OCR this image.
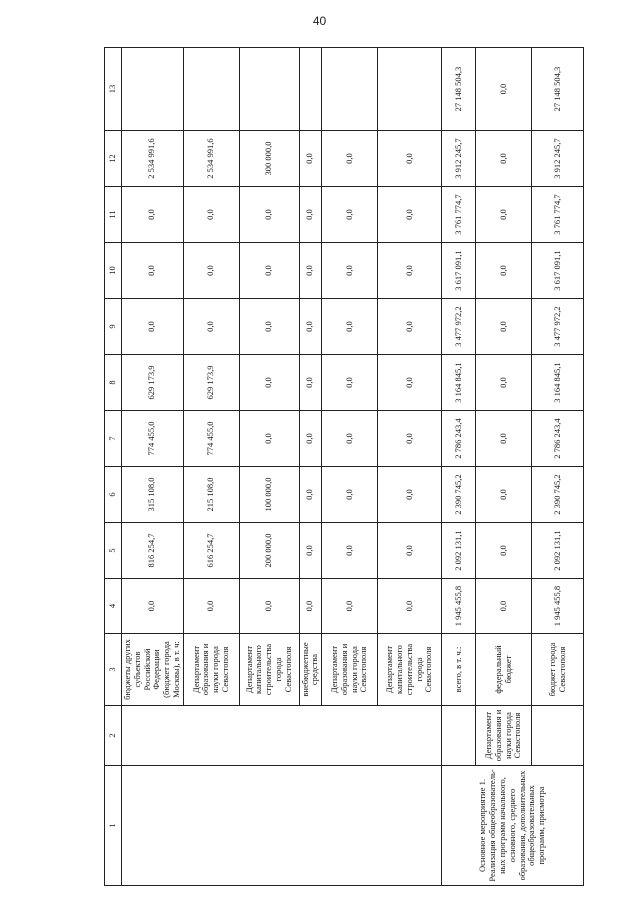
40
1	2	3	4	5	6	7	8	9	10	11	12	13
		бюджеты других субъектов Российской Федерации (бюджет города Москвы), в т. ч:	0,0	816 254,7	315 108,0	774 455,0	629 173,9	0,0	0,0	0,0	2 534 991,6	
		Департамент образования и науки города Севастополя	0,0	616 254,7	215 108,0	774 455,0	629 173,9	0,0	0,0	0,0	2 534 991,6	
		Департамент капитального строительства города Севастополя	0,0	200 000,0	100 000,0	0,0	0,0	0,0	0,0	0,0	300 000,0	
		внебюджетные средства	0,0	0,0	0,0	0,0	0,0	0,0	0,0	0,0	0,0	
		Департамент образования и науки города Севастополя	0,0	0,0	0,0	0,0	0,0	0,0	0,0	0,0	0,0	
		Департамент капитального строительства города Севастополя	0,0	0,0	0,0	0,0	0,0	0,0	0,0	0,0	0,0	
Основное мероприятие 1. Реализация общеобразователь-ных программ начального, основного, среднего образования, дополнительных общеобразовательных программ, присмотра		всего, в т. ч.:	1 945 455,8	2 092 131,1	2 390 745,2	2 786 243,4	3 164 845,1	3 477 972,2	3 617 091,1	3 761 774,7	3 912 245,7	27 148 504,3
	Департамент образования и науки города Севастополя	федеральный бюджет	0,0	0,0	0,0	0,0	0,0	0,0	0,0	0,0	0,0	0,0
		бюджет города Севастополя	1 945 455,8	2 092 131,1	2 390 745,2	2 786 243,4	3 164 845,1	3 477 972,2	3 617 091,1	3 761 774,7	3 912 245,7	27 148 504,3
